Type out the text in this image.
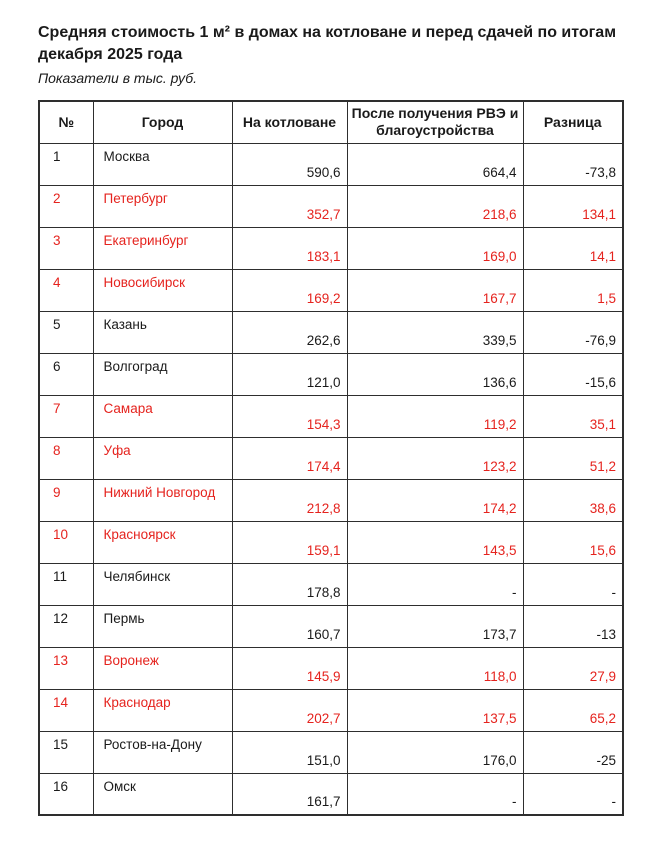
Средняя стоимость 1 м² в домах на котловане и перед сдачей по итогам
декабря 2025 года
Показатели в тыс. руб.
№	Город	На котловане	После получения РВЭ и благоустройства	Разница
1	Москва	590,6	664,4	-73,8
2	Петербург	352,7	218,6	134,1
3	Екатеринбург	183,1	169,0	14,1
4	Новосибирск	169,2	167,7	1,5
5	Казань	262,6	339,5	-76,9
6	Волгоград	121,0	136,6	-15,6
7	Самара	154,3	119,2	35,1
8	Уфа	174,4	123,2	51,2
9	Нижний Новгород	212,8	174,2	38,6
10	Красноярск	159,1	143,5	15,6
11	Челябинск	178,8	-	-
12	Пермь	160,7	173,7	-13
13	Воронеж	145,9	118,0	27,9
14	Краснодар	202,7	137,5	65,2
15	Ростов-на-Дону	151,0	176,0	-25
16	Омск	161,7	-	-
